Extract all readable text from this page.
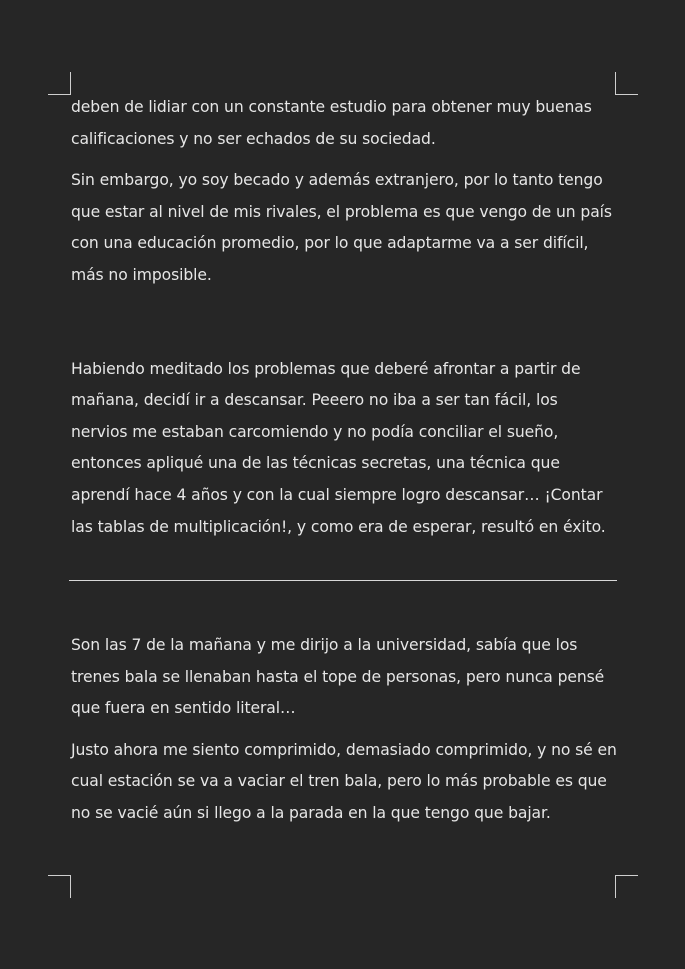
deben de lidiar con un constante estudio para obtener muy buenas calificaciones y no ser echados de su sociedad.

Sin embargo, yo soy becado y además extranjero, por lo tanto tengo que estar al nivel de mis rivales, el problema es que vengo de un país con una educación promedio, por lo que adaptarme va a ser difícil, más no imposible.

Habiendo meditado los problemas que deberé afrontar a partir de mañana, decidí ir a descansar. Peeero no iba a ser tan fácil, los nervios me estaban carcomiendo y no podía conciliar el sueño, entonces apliqué una de las técnicas secretas, una técnica que aprendí hace 4 años y con la cual siempre logro descansar… ¡Contar las tablas de multiplicación!, y como era de esperar, resultó en éxito.

Son las 7 de la mañana y me dirijo a la universidad, sabía que los trenes bala se llenaban hasta el tope de personas, pero nunca pensé que fuera en sentido literal…

Justo ahora me siento comprimido, demasiado comprimido, y no sé en cual estación se va a vaciar el tren bala, pero lo más probable es que no se vacié aún si llego a la parada en la que tengo que bajar.
